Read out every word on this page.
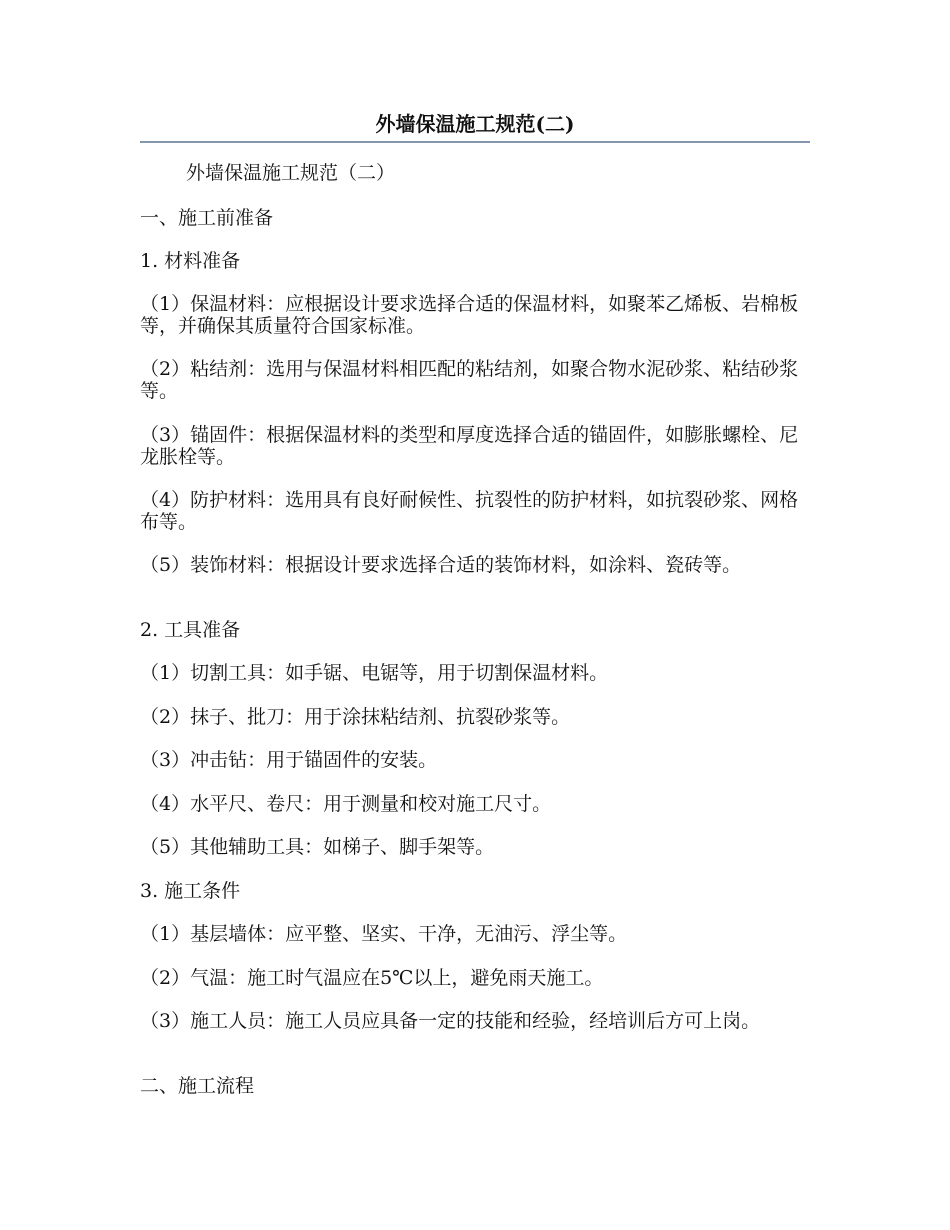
外墙保温施工规范(二)
外墙保温施工规范（二）
一、施工前准备
1. 材料准备
（1）保温材料：应根据设计要求选择合适的保温材料，如聚苯乙烯板、岩棉板等，并确保其质量符合国家标准。
（2）粘结剂：选用与保温材料相匹配的粘结剂，如聚合物水泥砂浆、粘结砂浆等。
（3）锚固件：根据保温材料的类型和厚度选择合适的锚固件，如膨胀螺栓、尼龙胀栓等。
（4）防护材料：选用具有良好耐候性、抗裂性的防护材料，如抗裂砂浆、网格布等。
（5）装饰材料：根据设计要求选择合适的装饰材料，如涂料、瓷砖等。
2. 工具准备
（1）切割工具：如手锯、电锯等，用于切割保温材料。
（2）抹子、批刀：用于涂抹粘结剂、抗裂砂浆等。
（3）冲击钻：用于锚固件的安装。
（4）水平尺、卷尺：用于测量和校对施工尺寸。
（5）其他辅助工具：如梯子、脚手架等。
3. 施工条件
（1）基层墙体：应平整、坚实、干净，无油污、浮尘等。
（2）气温：施工时气温应在5℃以上，避免雨天施工。
（3）施工人员：施工人员应具备一定的技能和经验，经培训后方可上岗。
二、施工流程
